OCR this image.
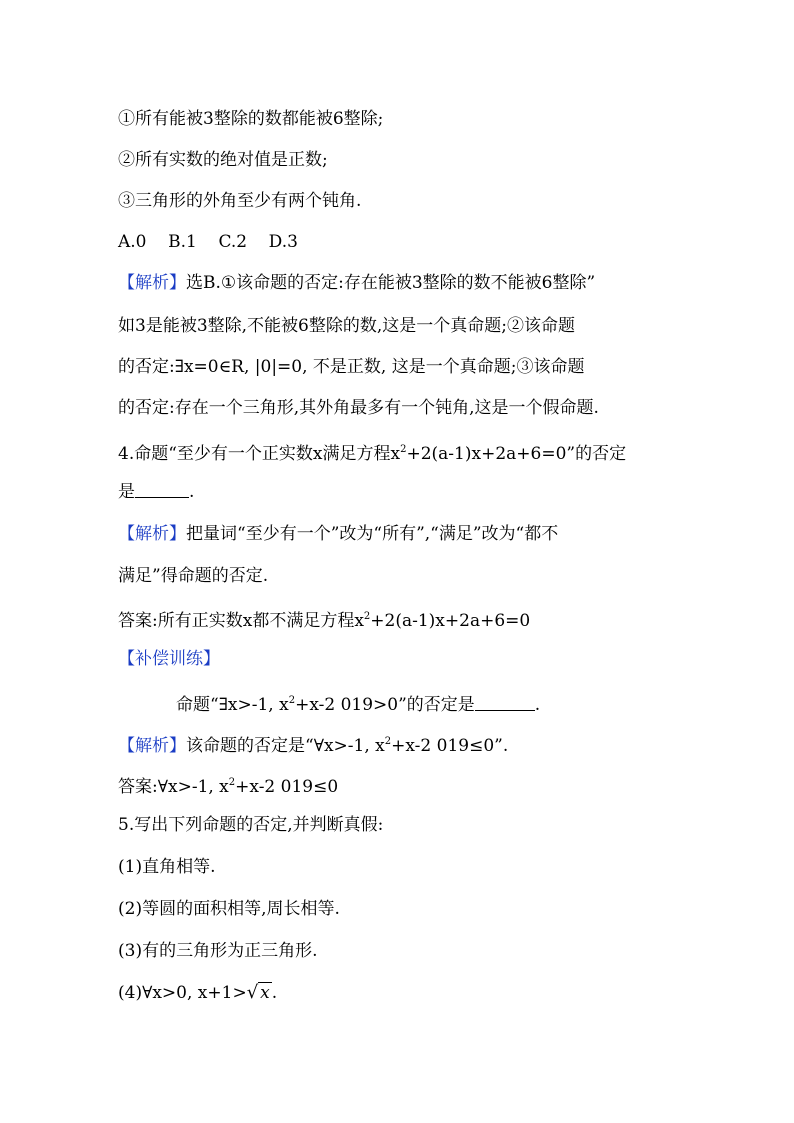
①所有能被3整除的数都能被6整除;
②所有实数的绝对值是正数;
③三角形的外角至少有两个钝角.
A.0    B.1    C.2    D.3
【解析】选B.①该命题的否定:存在能被3整除的数不能被6整除”
如3是能被3整除,不能被6整除的数,这是一个真命题;②该命题
的否定:∃x=0∈R, |0|=0, 不是正数, 这是一个真命题;③该命题
的否定:存在一个三角形,其外角最多有一个钝角,这是一个假命题.
4.命题“至少有一个正实数x满足方程$x^2+2(a-1)x+2a+6=0$”的否定
是	.
【解析】把量词“至少有一个”改为“所有”,“满足”改为“都不
满足”得命题的否定.
答案:所有正实数x都不满足方程$x^2+2(a-1)x+2a+6=0$
【补偿训练】
命题“∃x>-1, $x^2+x-2$ 019>0”的否定是	.
【解析】该命题的否定是“∀x>-1, $x^2+x-2$ 019≤0”.
答案:∀x>-1, $x^2+x-2$ 019≤0
5.写出下列命题的否定,并判断真假:
(1)直角相等.
(2)等圆的面积相等,周长相等.
(3)有的三角形为正三角形.
(4)∀x>0, x+1>√ x .
